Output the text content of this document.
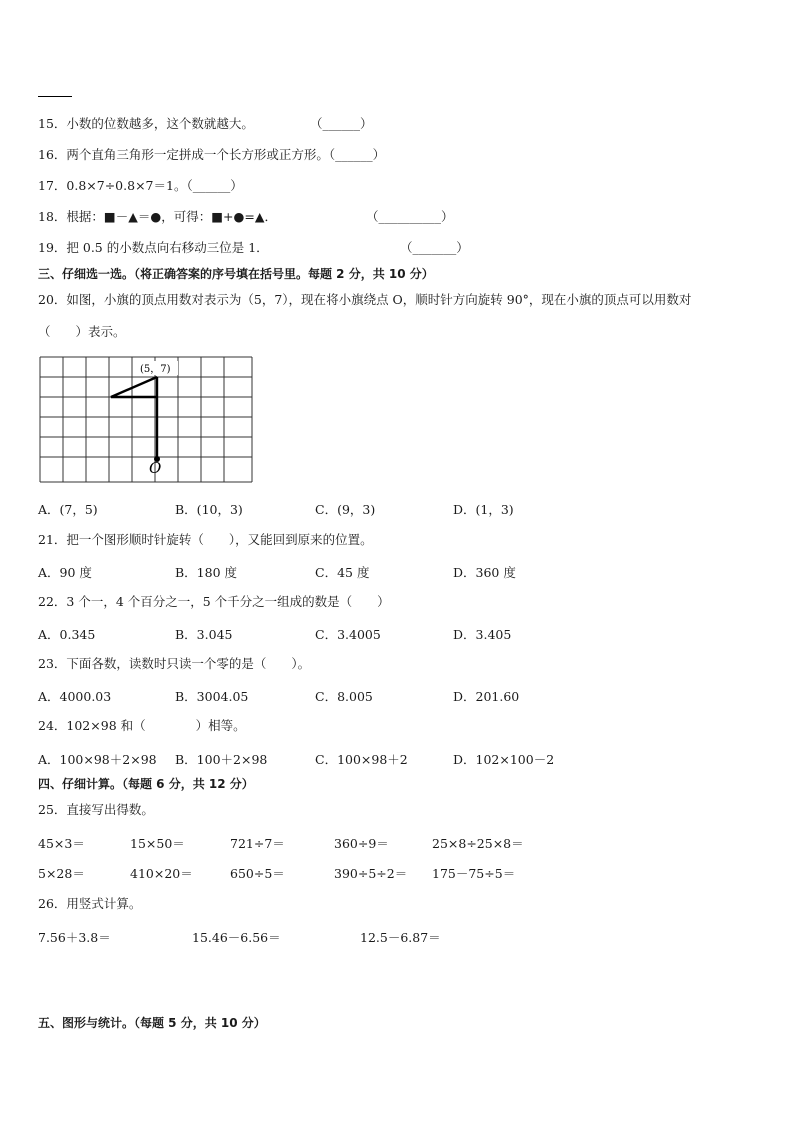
15．小数的位数越多，这个数就越大。	（______）
16．两个直角三角形一定拼成一个长方形或正方形。（______）
17．0.8×7÷0.8×7＝1。（______）
18．根据：■－▲＝●，可得：■+●=▲．	（__________）
19．把 0.5 的小数点向右移动三位是 1．	（_______）
三、仔细选一选。（将正确答案的序号填在括号里。每题 2 分，共 10 分）
20．如图，小旗的顶点用数对表示为（5，7），现在将小旗绕点 O，顺时针方向旋转 90°，现在小旗的顶点可以用数对
（　　）表示。
(5，7)
O
A．(7，5)	B．(10，3)	C．(9，3)	D．(1，3)
21．把一个图形顺时针旋转（　　），又能回到原来的位置。
A．90 度	B．180 度	C．45 度	D．360 度
22．3 个一，4 个百分之一，5 个千分之一组成的数是（　　）
A．0.345	B．3.045	C．3.4005	D．3.405
23．下面各数，读数时只读一个零的是（　　）。
A．4000.03	B．3004.05	C．8.005	D．201.60
24．102×98 和（　　　　）相等。
A．100×98＋2×98 B．100＋2×98	C．100×98＋2	D．102×100－2
四、仔细计算。（每题 6 分，共 12 分）
25．直接写出得数。
45×3＝	15×50＝	721÷7＝	360÷9＝	25×8÷25×8＝
5×28＝	410×20＝	650÷5＝	390÷5÷2＝ 175－75÷5＝
26．用竖式计算。
7.56＋3.8＝	15.46－6.56＝	12.5－6.87＝
五、图形与统计。（每题 5 分，共 10 分）
